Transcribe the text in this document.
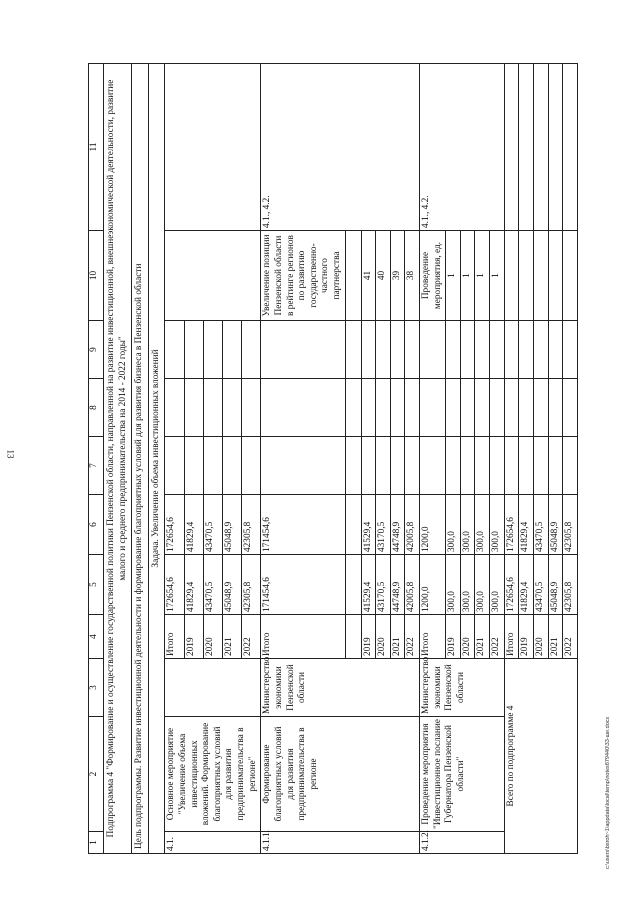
13
c:\users\bsroh~1\appdata\local\temp\notes879440\33-ши.docx
1	2	3	4	5	6	7	8	9	10	11
Подпрограмма 4 "Формирование и осуществление государственной политики Пензенской области, направленной на развитие инвестиционной, внешнеэкономической деятельности, развитие малого и среднего предпринимательства на 2014 - 2022 годы"										
Цель подпрограммы. Развитие инвестиционной деятельности и формирование благоприятных условий для развития бизнеса в Пензенской области										
Задача. Увеличение объема инвестиционных вложений										
4.1.	Основное мероприятие "Увеличение объема инвестиционных вложений. Формирование благоприятных условий для развития предпринимательства в регионе"		Итого	172654,6	172654,6					
			2019	41829,4	41829,4					
			2020	43470,5	43470,5					
			2021	45048,9	45048,9					
			2022	42305,8	42305,8					
4.1.1.	Формирование благоприятных условий для развития предпринимательства в регионе	Министерство экономики Пензенской области	Итого	171454,6	171454,6				Увеличение позиции Пензенской области в рейтинге регионов по развитию государственно-частного партнерства	4.1., 4.2.

			2019	41529,4	41529,4				41	
			2020	43170,5	43170,5				40	
			2021	44748,9	44748,9				39	
			2022	42005,8	42005,8				38	
4.1.2.	Проведение мероприятия "Инвестиционное послание Губернатора Пензенской области"	Министерство экономики Пензенской области	Итого	1200,0	1200,0				Проведение мероприятия, ед.	4.1., 4.2.
			2019	300,0	300,0				1	
			2020	300,0	300,0				1	
			2021	300,0	300,0				1	
			2022	300,0	300,0				1	
Всего по подпрограмме 4			Итого	172654,6	172654,6					
			2019	41829,4	41829,4					
			2020	43470,5	43470,5					
			2021	45048,9	45048,9					
			2022	42305,8	42305,8					
